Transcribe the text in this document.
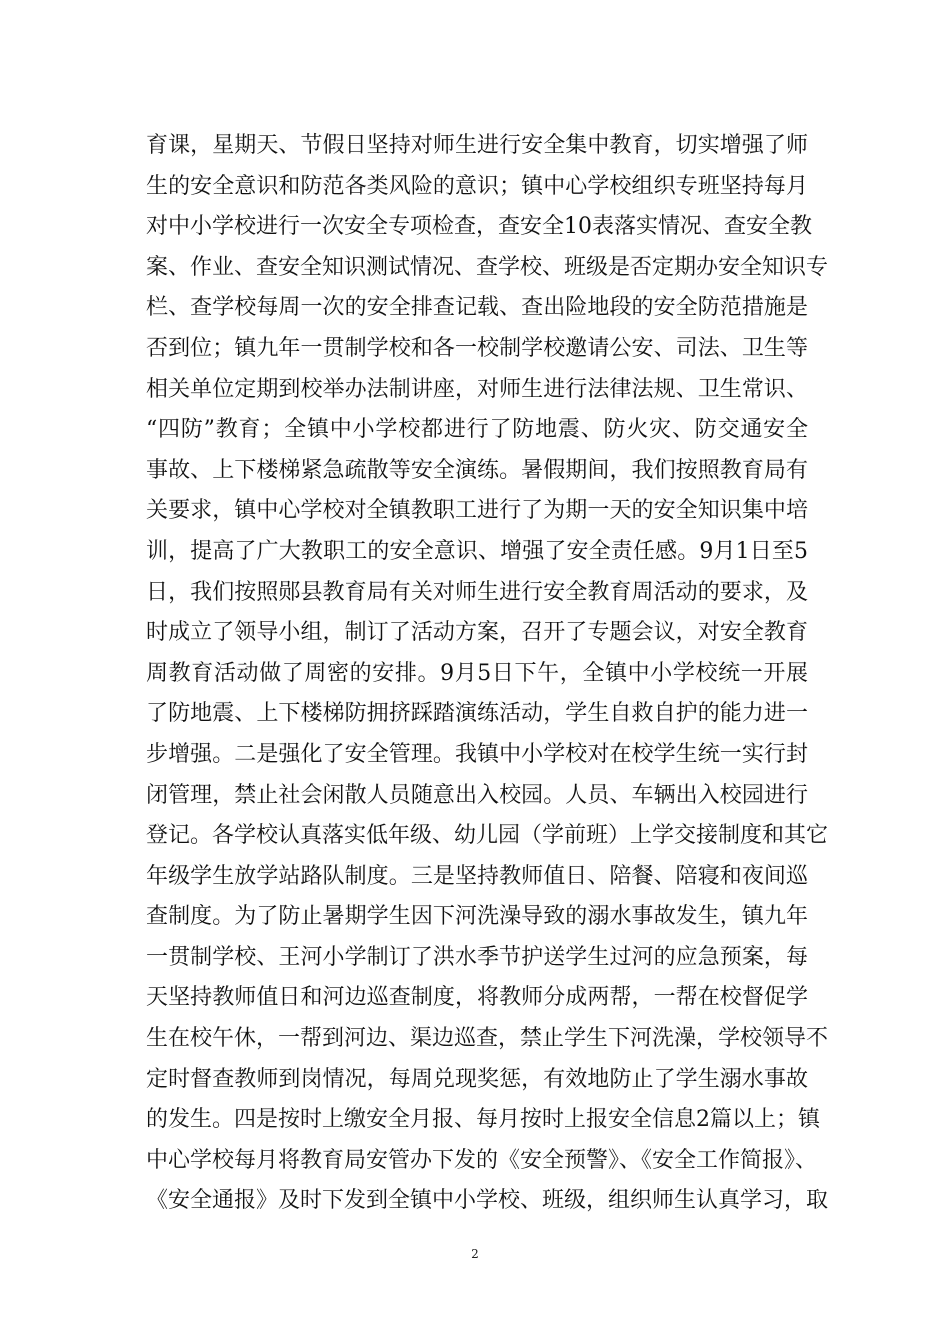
育课，星期天、节假日坚持对师生进行安全集中教育，切实增强了师
生的安全意识和防范各类风险的意识；镇中心学校组织专班坚持每月
对中小学校进行一次安全专项检查，查安全10表落实情况、查安全教
案、作业、查安全知识测试情况、查学校、班级是否定期办安全知识专
栏、查学校每周一次的安全排查记载、查出险地段的安全防范措施是
否到位；镇九年一贯制学校和各一校制学校邀请公安、司法、卫生等
相关单位定期到校举办法制讲座，对师生进行法律法规、卫生常识、
“四防”教育；全镇中小学校都进行了防地震、防火灾、防交通安全
事故、上下楼梯紧急疏散等安全演练。暑假期间，我们按照教育局有
关要求，镇中心学校对全镇教职工进行了为期一天的安全知识集中培
训，提高了广大教职工的安全意识、增强了安全责任感。9月1日至5
日，我们按照郧县教育局有关对师生进行安全教育周活动的要求，及
时成立了领导小组，制订了活动方案，召开了专题会议，对安全教育
周教育活动做了周密的安排。9月5日下午，全镇中小学校统一开展
了防地震、上下楼梯防拥挤踩踏演练活动，学生自救自护的能力进一
步增强。二是强化了安全管理。我镇中小学校对在校学生统一实行封
闭管理，禁止社会闲散人员随意出入校园。人员、车辆出入校园进行
登记。各学校认真落实低年级、幼儿园（学前班）上学交接制度和其它
年级学生放学站路队制度。三是坚持教师值日、陪餐、陪寝和夜间巡
查制度。为了防止暑期学生因下河洗澡导致的溺水事故发生，镇九年
一贯制学校、王河小学制订了洪水季节护送学生过河的应急预案，每
天坚持教师值日和河边巡查制度，将教师分成两帮，一帮在校督促学
生在校午休，一帮到河边、渠边巡查，禁止学生下河洗澡，学校领导不
定时督查教师到岗情况，每周兑现奖惩，有效地防止了学生溺水事故
的发生。四是按时上缴安全月报、每月按时上报安全信息2篇以上；镇
中心学校每月将教育局安管办下发的《安全预警》、《安全工作简报》、
《安全通报》及时下发到全镇中小学校、班级，组织师生认真学习，取
2
